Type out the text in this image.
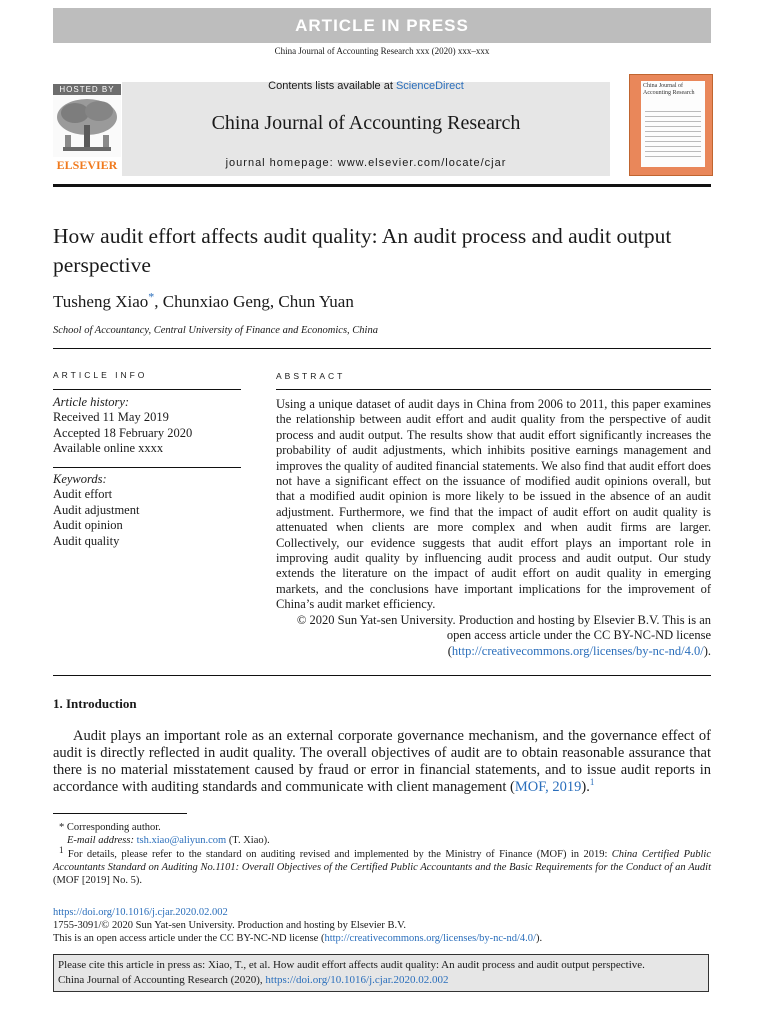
ARTICLE IN PRESS
China Journal of Accounting Research xxx (2020) xxx–xxx
HOSTED BY
ELSEVIER
Contents lists available at ScienceDirect
China Journal of Accounting Research
journal homepage: www.elsevier.com/locate/cjar
China Journal of Accounting Research
How audit effort affects audit quality: An audit process and audit output perspective
Tusheng Xiao*, Chunxiao Geng, Chun Yuan
School of Accountancy, Central University of Finance and Economics, China
ARTICLE INFO	ABSTRACT
Article history:
Received 11 May 2019
Accepted 18 February 2020
Available online xxxx
Keywords:
Audit effort
Audit adjustment
Audit opinion
Audit quality
Using a unique dataset of audit days in China from 2006 to 2011, this paper examines the relationship between audit effort and audit quality from the perspective of audit process and audit output. The results show that audit effort significantly increases the probability of audit adjustments, which inhibits positive earnings management and improves the quality of audited financial statements. We also find that audit effort does not have a significant effect on the issuance of modified audit opinions overall, but that a modified audit opinion is more likely to be issued in the absence of an audit adjustment. Furthermore, we find that the impact of audit effort on audit quality is attenuated when clients are more complex and when audit firms are larger. Collectively, our evidence suggests that audit effort plays an important role in improving audit quality by influencing audit process and audit output. Our study extends the literature on the impact of audit effort on audit quality in emerging markets, and the conclusions have important implications for the improvement of China’s audit market efficiency.
© 2020 Sun Yat-sen University. Production and hosting by Elsevier B.V. This is an open access article under the CC BY-NC-ND license (http://creativecommons.org/licenses/by-nc-nd/4.0/).
1. Introduction
Audit plays an important role as an external corporate governance mechanism, and the governance effect of audit is directly reflected in audit quality. The overall objectives of audit are to obtain reasonable assurance that there is no material misstatement caused by fraud or error in financial statements, and to issue audit reports in accordance with auditing standards and communicate with client management (MOF, 2019).$^1$
* Corresponding author.
E-mail address: tsh.xiao@aliyun.com (T. Xiao).
1 For details, please refer to the standard on auditing revised and implemented by the Ministry of Finance (MOF) in 2019: China Certified Public Accountants Standard on Auditing No.1101: Overall Objectives of the Certified Public Accountants and the Basic Requirements for the Conduct of an Audit (MOF [2019] No. 5).
https://doi.org/10.1016/j.cjar.2020.02.002
1755-3091/© 2020 Sun Yat-sen University. Production and hosting by Elsevier B.V.
This is an open access article under the CC BY-NC-ND license (http://creativecommons.org/licenses/by-nc-nd/4.0/).
Please cite this article in press as: Xiao, T., et al. How audit effort affects audit quality: An audit process and audit output perspective.
China Journal of Accounting Research (2020), https://doi.org/10.1016/j.cjar.2020.02.002
